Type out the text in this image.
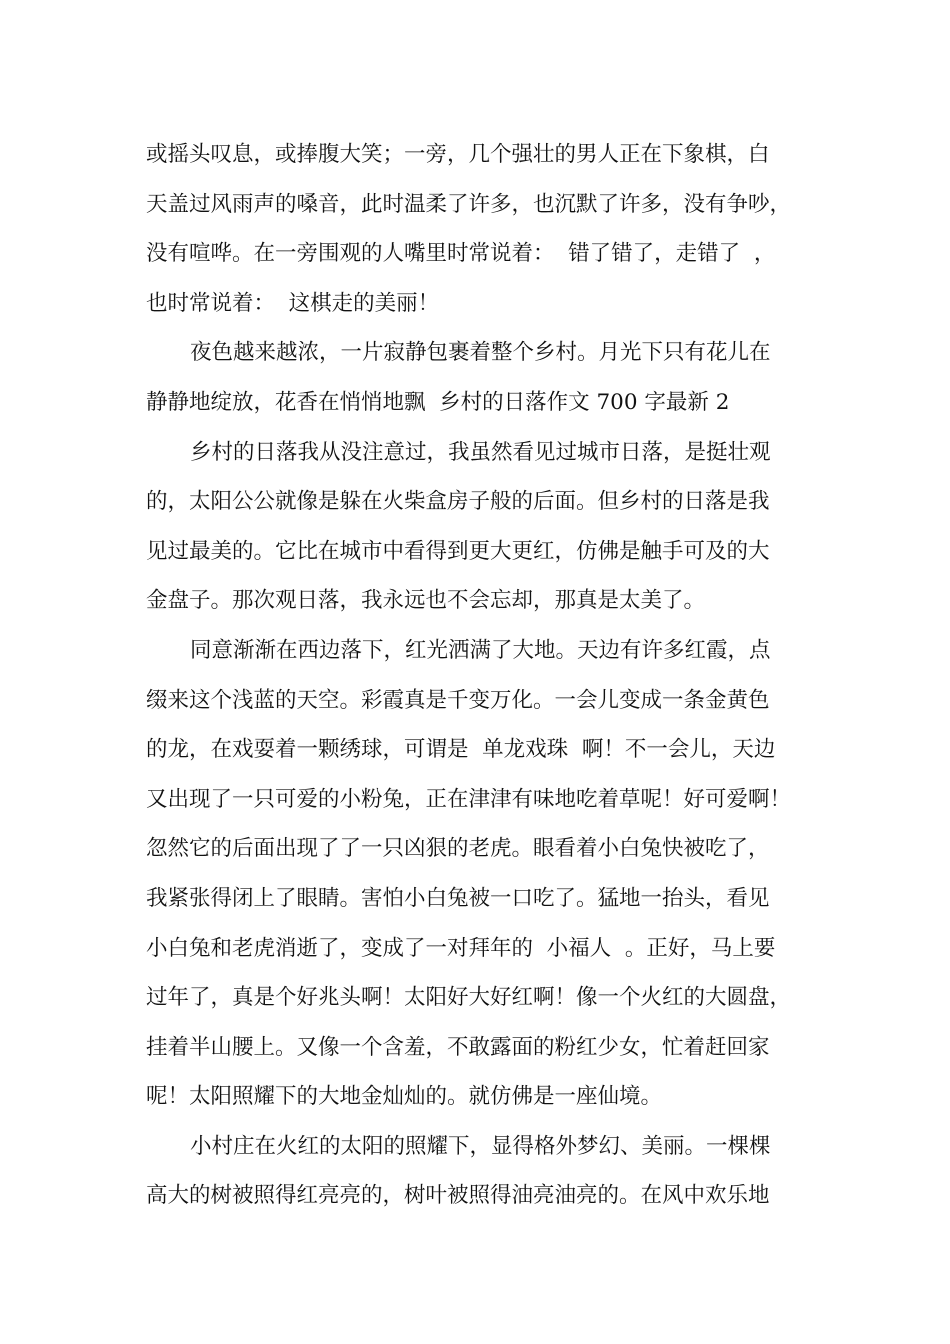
或摇头叹息，或捧腹大笑；一旁，几个强壮的男人正在下象棋，白
天盖过风雨声的嗓音，此时温柔了许多，也沉默了许多，没有争吵，
没有喧哗。在一旁围观的人嘴里时常说着：  错了错了，走错了  ，
也时常说着：  这棋走的美丽！
夜色越来越浓，一片寂静包裹着整个乡村。月光下只有花儿在
静静地绽放，花香在悄悄地飘  乡村的日落作文 700 字最新 2
乡村的日落我从没注意过，我虽然看见过城市日落，是挺壮观
的，太阳公公就像是躲在火柴盒房子般的后面。但乡村的日落是我
见过最美的。它比在城市中看得到更大更红，仿佛是触手可及的大
金盘子。那次观日落，我永远也不会忘却，那真是太美了。
同意渐渐在西边落下，红光洒满了大地。天边有许多红霞，点
缀来这个浅蓝的天空。彩霞真是千变万化。一会儿变成一条金黄色
的龙，在戏耍着一颗绣球，可谓是  单龙戏珠  啊！不一会儿，天边
又出现了一只可爱的小粉兔，正在津津有味地吃着草呢！好可爱啊！
忽然它的后面出现了了一只凶狠的老虎。眼看着小白兔快被吃了，
我紧张得闭上了眼睛。害怕小白兔被一口吃了。猛地一抬头，看见
小白兔和老虎消逝了，变成了一对拜年的  小福人  。正好，马上要
过年了，真是个好兆头啊！太阳好大好红啊！像一个火红的大圆盘，
挂着半山腰上。又像一个含羞，不敢露面的粉红少女，忙着赶回家
呢！太阳照耀下的大地金灿灿的。就仿佛是一座仙境。
小村庄在火红的太阳的照耀下，显得格外梦幻、美丽。一棵棵
高大的树被照得红亮亮的，树叶被照得油亮油亮的。在风中欢乐地
